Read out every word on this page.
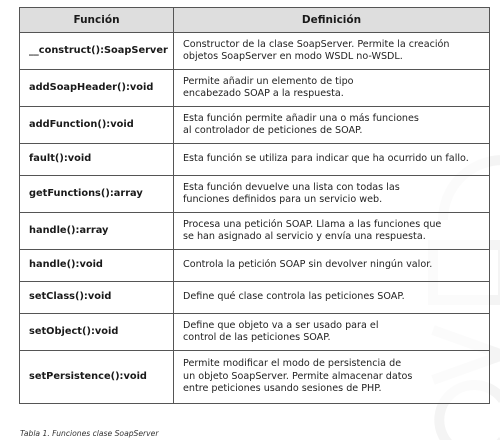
Función	Definición
__construct():SoapServer	Constructor de la clase SoapServer. Permite la creación
objetos SoapServer en modo WSDL no-WSDL.

addSoapHeader():void	Permite añadir un elemento de tipo
encabezado SOAP a la respuesta.

addFunction():void	Esta función permite añadir una o más funciones
al controlador de peticiones de SOAP.

fault():void	Esta función se utiliza para indicar que ha ocurrido un fallo.

getFunctions():array	Esta función devuelve una lista con todas las
funciones definidos para un servicio web.

handle():array	Procesa una petición SOAP. Llama a las funciones que
se han asignado al servicio y envía una respuesta.

handle():void	Controla la petición SOAP sin devolver ningún valor.

setClass():void	Define qué clase controla las peticiones SOAP.

setObject():void	Define que objeto va a ser usado para el
control de las peticiones SOAP.

setPersistence():void	Permite modificar el modo de persistencia de
un objeto SoapServer. Permite almacenar datos
entre peticiones usando sesiones de PHP.
Tabla 1. Funciones clase SoapServer
